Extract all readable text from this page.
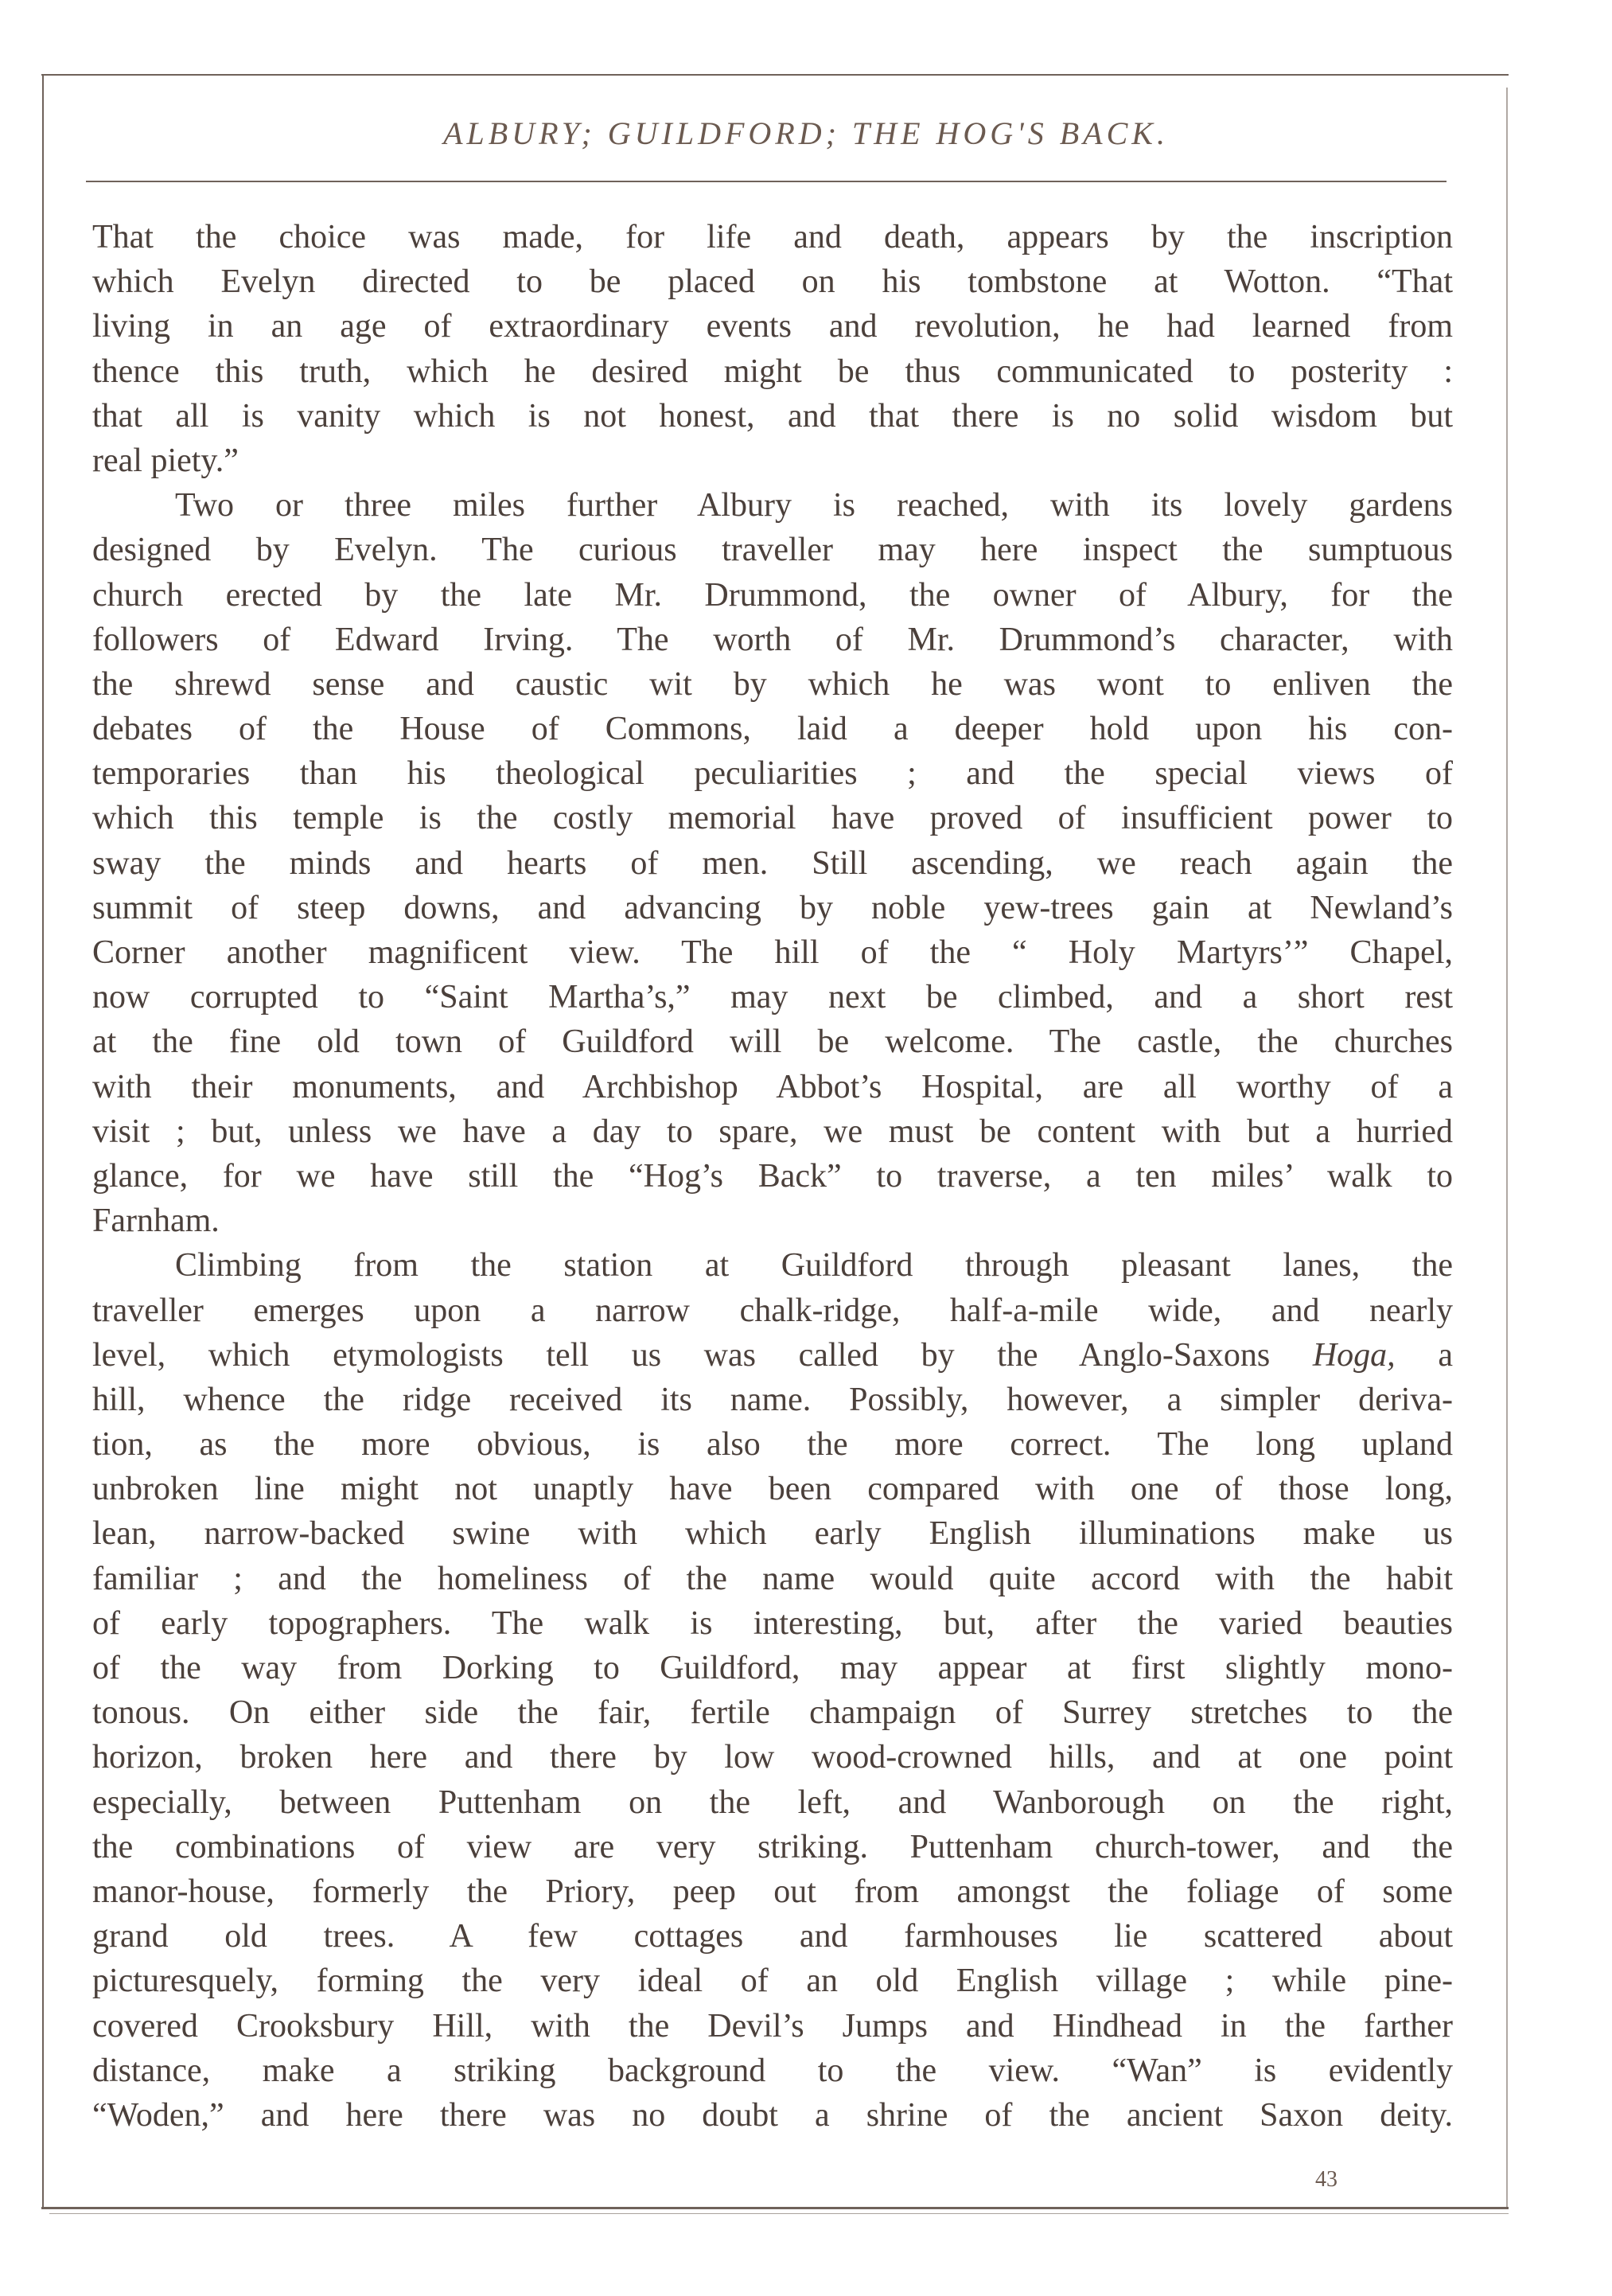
ALBURY; GUILDFORD; THE HOG'S BACK.
That the choice was made, for life and death, appears by the inscription
which Evelyn directed to be placed on his tombstone at Wotton. “That
living in an age of extraordinary events and revolution, he had learned from
thence this truth, which he desired might be thus communicated to posterity :
that all is vanity which is not honest, and that there is no solid wisdom but
real piety.”
Two or three miles further Albury is reached, with its lovely gardens
designed by Evelyn. The curious traveller may here inspect the sumptuous
church erected by the late Mr. Drummond, the owner of Albury, for the
followers of Edward Irving. The worth of Mr. Drummond’s character, with
the shrewd sense and caustic wit by which he was wont to enliven the
debates of the House of Commons, laid a deeper hold upon his con-
temporaries than his theological peculiarities ; and the special views of
which this temple is the costly memorial have proved of insufficient power to
sway the minds and hearts of men. Still ascending, we reach again the
summit of steep downs, and advancing by noble yew-trees gain at Newland’s
Corner another magnificent view. The hill of the “ Holy Martyrs’” Chapel,
now corrupted to “Saint Martha’s,” may next be climbed, and a short rest
at the fine old town of Guildford will be welcome. The castle, the churches
with their monuments, and Archbishop Abbot’s Hospital, are all worthy of a
visit ; but, unless we have a day to spare, we must be content with but a hurried
glance, for we have still the “Hog’s Back” to traverse, a ten miles’ walk to
Farnham.
Climbing from the station at Guildford through pleasant lanes, the
traveller emerges upon a narrow chalk-ridge, half-a-mile wide, and nearly
level, which etymologists tell us was called by the Anglo-Saxons Hoga, a
hill, whence the ridge received its name. Possibly, however, a simpler deriva-
tion, as the more obvious, is also the more correct. The long upland
unbroken line might not unaptly have been compared with one of those long,
lean, narrow-backed swine with which early English illuminations make us
familiar ; and the homeliness of the name would quite accord with the habit
of early topographers. The walk is interesting, but, after the varied beauties
of the way from Dorking to Guildford, may appear at first slightly mono-
tonous. On either side the fair, fertile champaign of Surrey stretches to the
horizon, broken here and there by low wood-crowned hills, and at one point
especially, between Puttenham on the left, and Wanborough on the right,
the combinations of view are very striking. Puttenham church-tower, and the
manor-house, formerly the Priory, peep out from amongst the foliage of some
grand old trees. A few cottages and farmhouses lie scattered about
picturesquely, forming the very ideal of an old English village ; while pine-
covered Crooksbury Hill, with the Devil’s Jumps and Hindhead in the farther
distance, make a striking background to the view. “Wan” is evidently
“Woden,” and here there was no doubt a shrine of the ancient Saxon deity.
43
